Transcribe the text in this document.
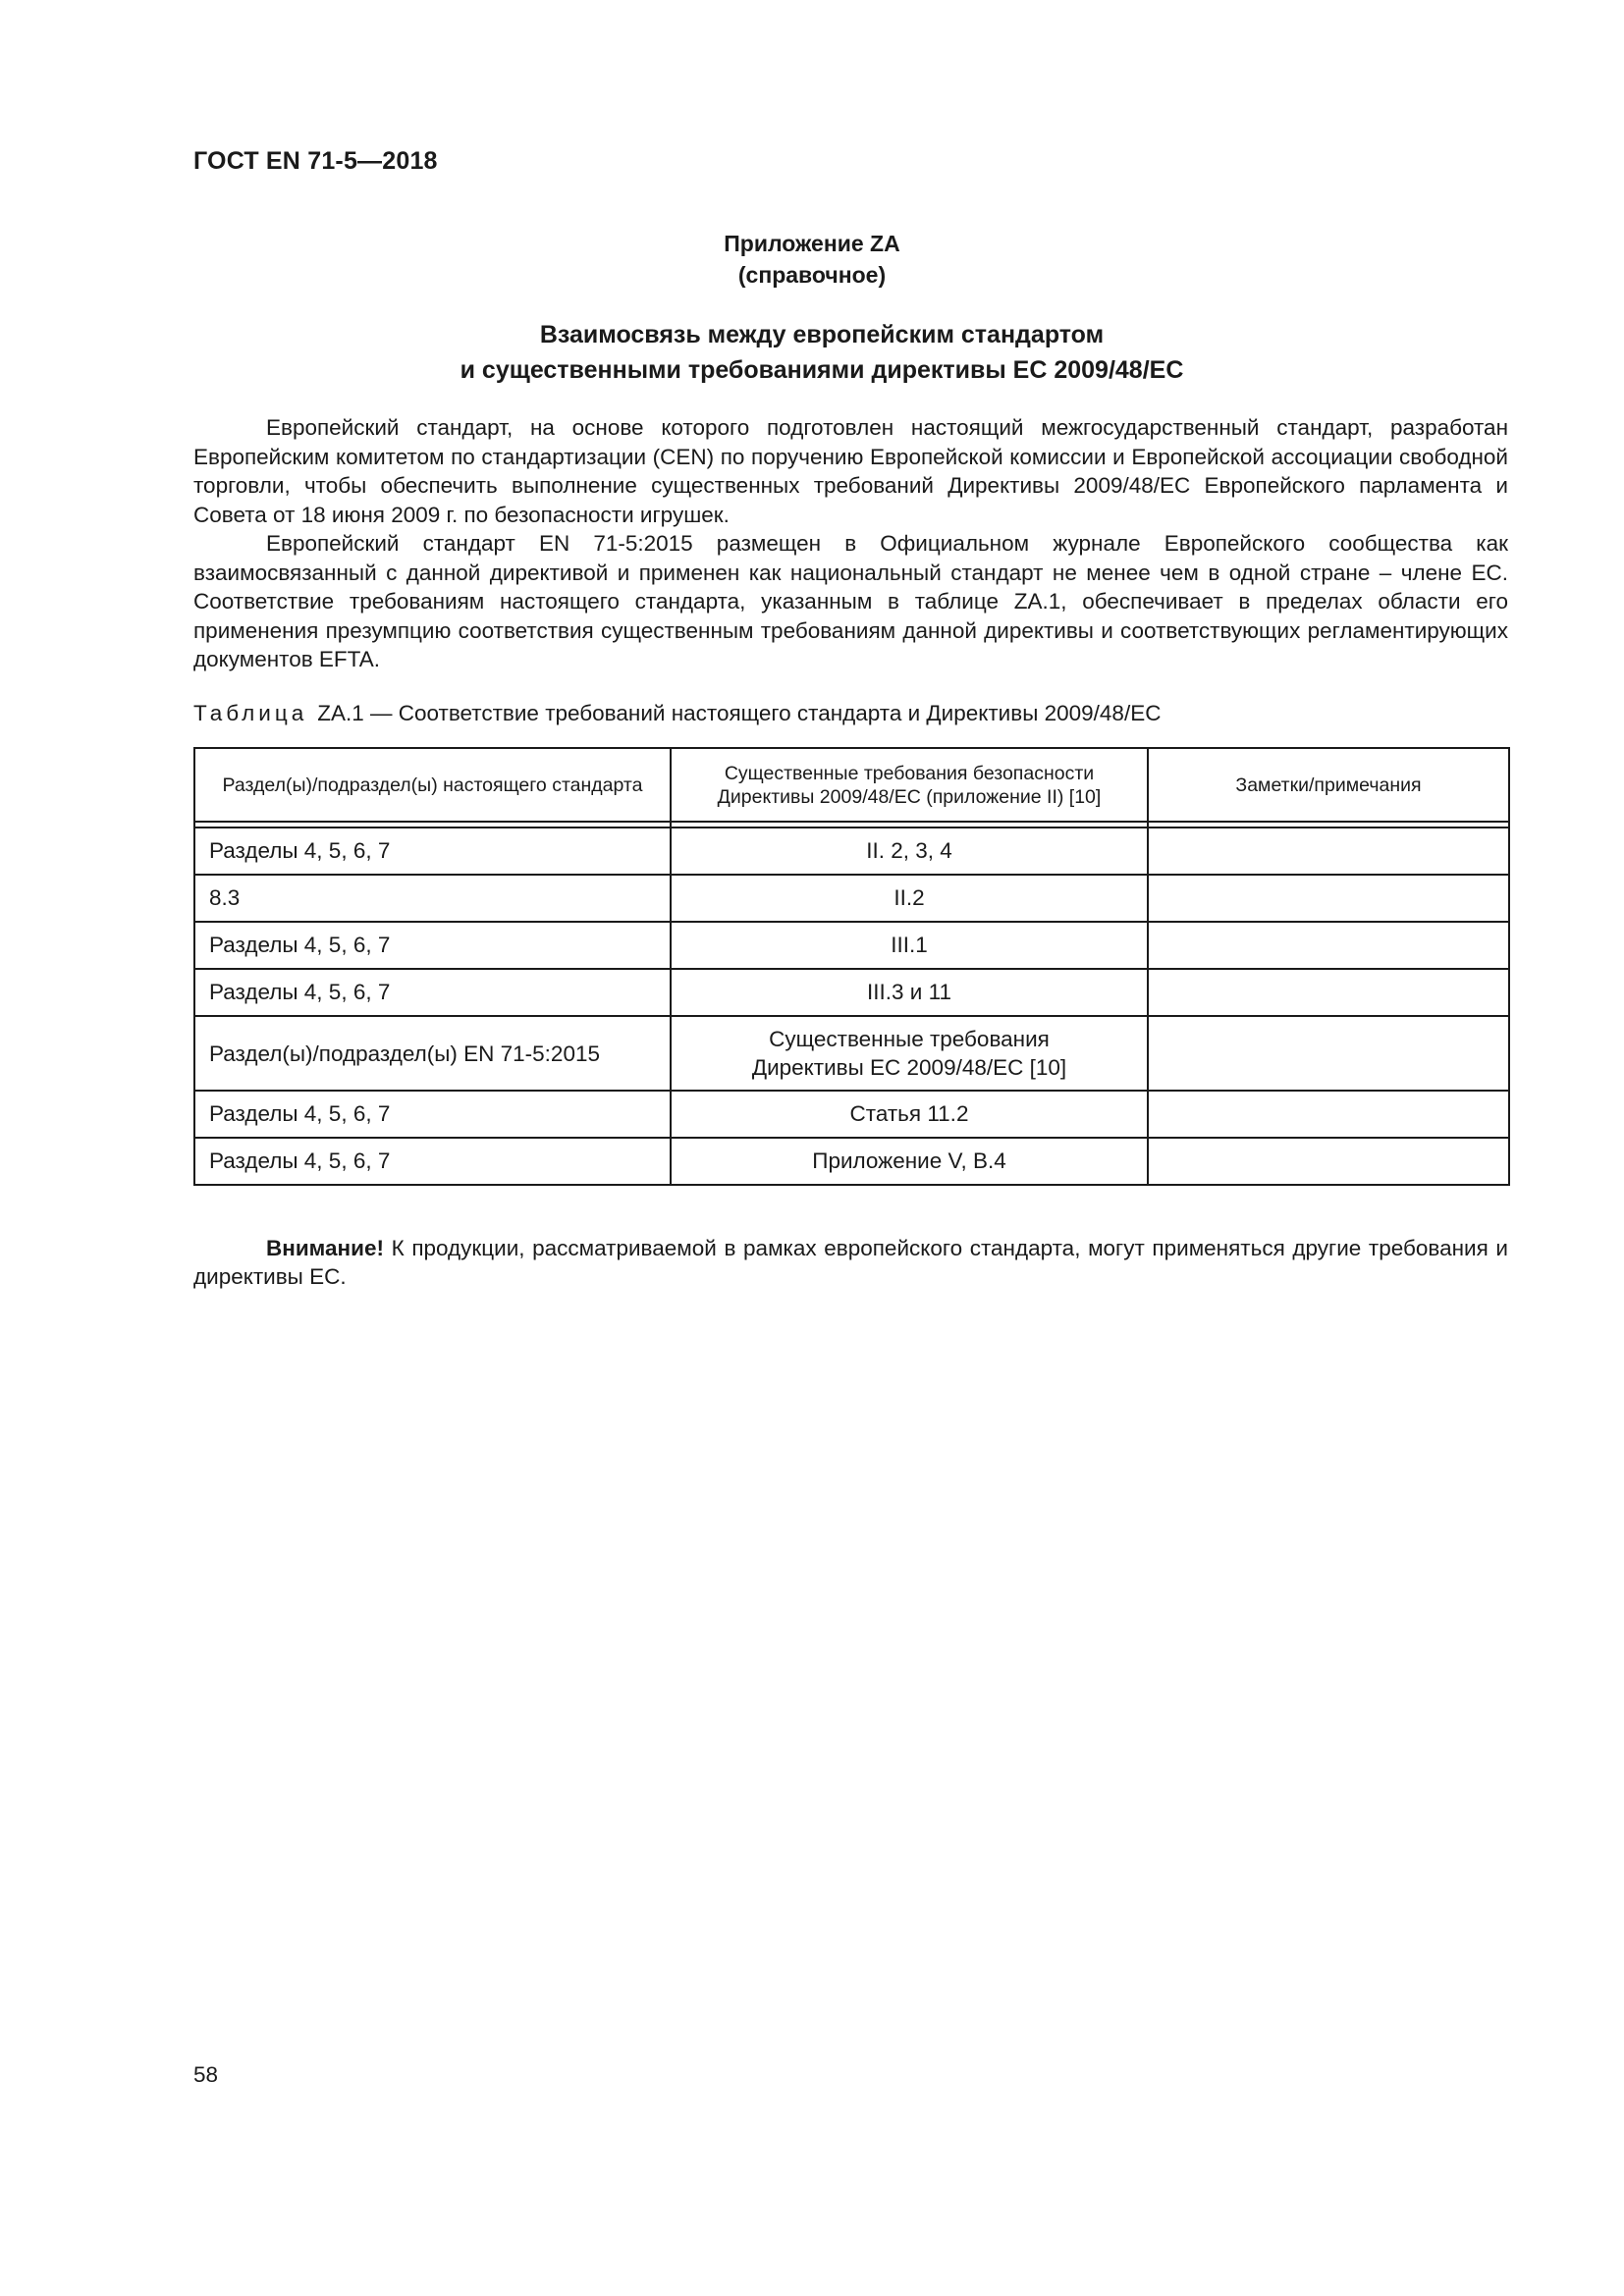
ГОСТ EN 71-5—2018
Приложение ZA
(справочное)
Взаимосвязь между европейским стандартом
и существенными требованиями директивы ЕС 2009/48/ЕС

Европейский стандарт, на основе которого подготовлен настоящий межгосударственный стандарт, разработан Европейским комитетом по стандартизации (CEN) по поручению Европейской комиссии и Европейской ассоциации свободной торговли, чтобы обеспечить выполнение существенных требований Директивы 2009/48/ЕС Европейского парламента и Совета от 18 июня 2009 г. по безопасности игрушек.

Европейский стандарт EN 71-5:2015 размещен в Официальном журнале Европейского сообщества как взаимосвязанный с данной директивой и применен как национальный стандарт не менее чем в одной стране – члене ЕС. Соответствие требованиям настоящего стандарта, указанным в таблице ZA.1, обеспечивает в пределах области его применения презумпцию соответствия существенным требованиям данной директивы и соответствующих регламентирующих документов EFTA.

Таблица ZA.1 — Соответствие требований настоящего стандарта и Директивы 2009/48/ЕС
Раздел(ы)/подраздел(ы) настоящего стандарта	Существенные требования безопасности Директивы 2009/48/ЕС (приложение II) [10]	Заметки/примечания

Разделы 4, 5, 6, 7	II. 2, 3, 4	
8.3	II.2	
Разделы 4, 5, 6, 7	III.1	
Разделы 4, 5, 6, 7	III.3 и 11	
Раздел(ы)/подраздел(ы) EN 71-5:2015	Существенные требования
Директивы ЕС 2009/48/ЕС [10]	

Разделы 4, 5, 6, 7	Статья 11.2	
Разделы 4, 5, 6, 7	Приложение V, B.4	

Внимание! К продукции, рассматриваемой в рамках европейского стандарта, могут применяться другие требования и директивы ЕС.

58
